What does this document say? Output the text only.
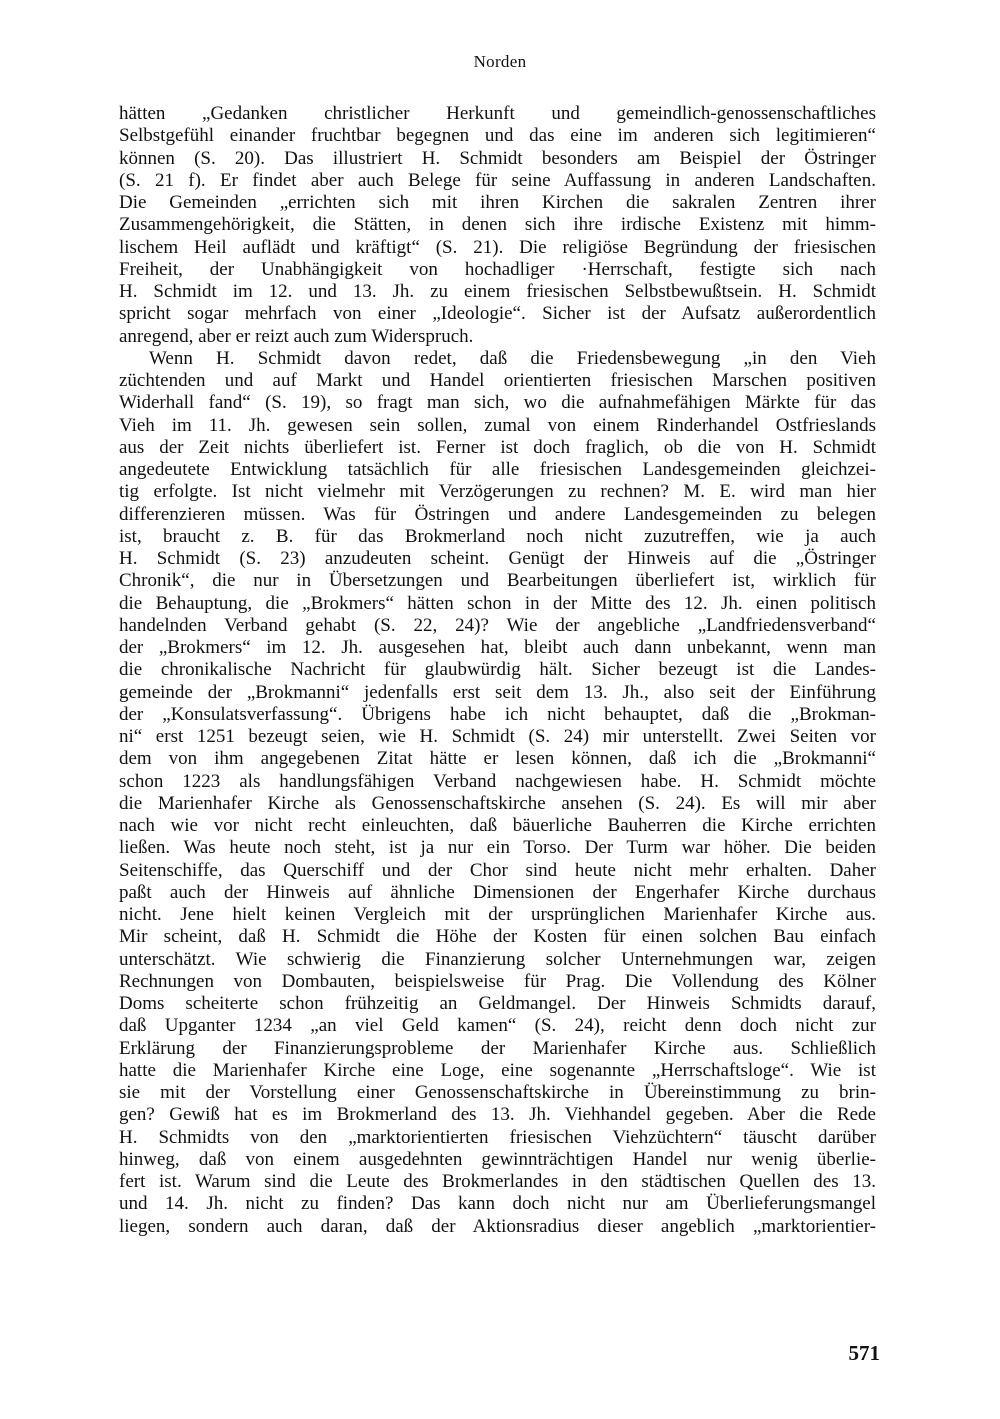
Norden
hätten „Gedanken christlicher Herkunft und gemeindlich-genossenschaftliches
Selbstgefühl einander fruchtbar begegnen und das eine im anderen sich legitimieren“
können (S. 20). Das illustriert H. Schmidt besonders am Beispiel der Östringer
(S. 21 f). Er findet aber auch Belege für seine Auffassung in anderen Landschaften.
Die Gemeinden „errichten sich mit ihren Kirchen die sakralen Zentren ihrer
Zusammengehörigkeit, die Stätten, in denen sich ihre irdische Existenz mit himm-
lischem Heil auflädt und kräftigt“ (S. 21). Die religiöse Begründung der friesischen
Freiheit, der Unabhängigkeit von hochadliger ·Herrschaft, festigte sich nach
H. Schmidt im 12. und 13. Jh. zu einem friesischen Selbstbewußtsein. H. Schmidt
spricht sogar mehrfach von einer „Ideologie“. Sicher ist der Aufsatz außerordentlich
anregend, aber er reizt auch zum Widerspruch.
Wenn H. Schmidt davon redet, daß die Friedensbewegung „in den Vieh
züchtenden und auf Markt und Handel orientierten friesischen Marschen positiven
Widerhall fand“ (S. 19), so fragt man sich, wo die aufnahmefähigen Märkte für das
Vieh im 11. Jh. gewesen sein sollen, zumal von einem Rinderhandel Ostfrieslands
aus der Zeit nichts überliefert ist. Ferner ist doch fraglich, ob die von H. Schmidt
angedeutete Entwicklung tatsächlich für alle friesischen Landesgemeinden gleichzei-
tig erfolgte. Ist nicht vielmehr mit Verzögerungen zu rechnen? M. E. wird man hier
differenzieren müssen. Was für Östringen und andere Landesgemeinden zu belegen
ist, braucht z. B. für das Brokmerland noch nicht zuzutreffen, wie ja auch
H. Schmidt (S. 23) anzudeuten scheint. Genügt der Hinweis auf die „Östringer
Chronik“, die nur in Übersetzungen und Bearbeitungen überliefert ist, wirklich für
die Behauptung, die „Brokmers“ hätten schon in der Mitte des 12. Jh. einen politisch
handelnden Verband gehabt (S. 22, 24)? Wie der angebliche „Landfriedensverband“
der „Brokmers“ im 12. Jh. ausgesehen hat, bleibt auch dann unbekannt, wenn man
die chronikalische Nachricht für glaubwürdig hält. Sicher bezeugt ist die Landes-
gemeinde der „Brokmanni“ jedenfalls erst seit dem 13. Jh., also seit der Einführung
der „Konsulatsverfassung“. Übrigens habe ich nicht behauptet, daß die „Brokman-
ni“ erst 1251 bezeugt seien, wie H. Schmidt (S. 24) mir unterstellt. Zwei Seiten vor
dem von ihm angegebenen Zitat hätte er lesen können, daß ich die „Brokmanni“
schon 1223 als handlungsfähigen Verband nachgewiesen habe. H. Schmidt möchte
die Marienhafer Kirche als Genossenschaftskirche ansehen (S. 24). Es will mir aber
nach wie vor nicht recht einleuchten, daß bäuerliche Bauherren die Kirche errichten
ließen. Was heute noch steht, ist ja nur ein Torso. Der Turm war höher. Die beiden
Seitenschiffe, das Querschiff und der Chor sind heute nicht mehr erhalten. Daher
paßt auch der Hinweis auf ähnliche Dimensionen der Engerhafer Kirche durchaus
nicht. Jene hielt keinen Vergleich mit der ursprünglichen Marienhafer Kirche aus.
Mir scheint, daß H. Schmidt die Höhe der Kosten für einen solchen Bau einfach
unterschätzt. Wie schwierig die Finanzierung solcher Unternehmungen war, zeigen
Rechnungen von Dombauten, beispielsweise für Prag. Die Vollendung des Kölner
Doms scheiterte schon frühzeitig an Geldmangel. Der Hinweis Schmidts darauf,
daß Upganter 1234 „an viel Geld kamen“ (S. 24), reicht denn doch nicht zur
Erklärung der Finanzierungsprobleme der Marienhafer Kirche aus. Schließlich
hatte die Marienhafer Kirche eine Loge, eine sogenannte „Herrschaftsloge“. Wie ist
sie mit der Vorstellung einer Genossenschaftskirche in Übereinstimmung zu brin-
gen? Gewiß hat es im Brokmerland des 13. Jh. Viehhandel gegeben. Aber die Rede
H. Schmidts von den „marktorientierten friesischen Viehzüchtern“ täuscht darüber
hinweg, daß von einem ausgedehnten gewinnträchtigen Handel nur wenig überlie-
fert ist. Warum sind die Leute des Brokmerlandes in den städtischen Quellen des 13.
und 14. Jh. nicht zu finden? Das kann doch nicht nur am Überlieferungsmangel
liegen, sondern auch daran, daß der Aktionsradius dieser angeblich „marktorientier-
571
